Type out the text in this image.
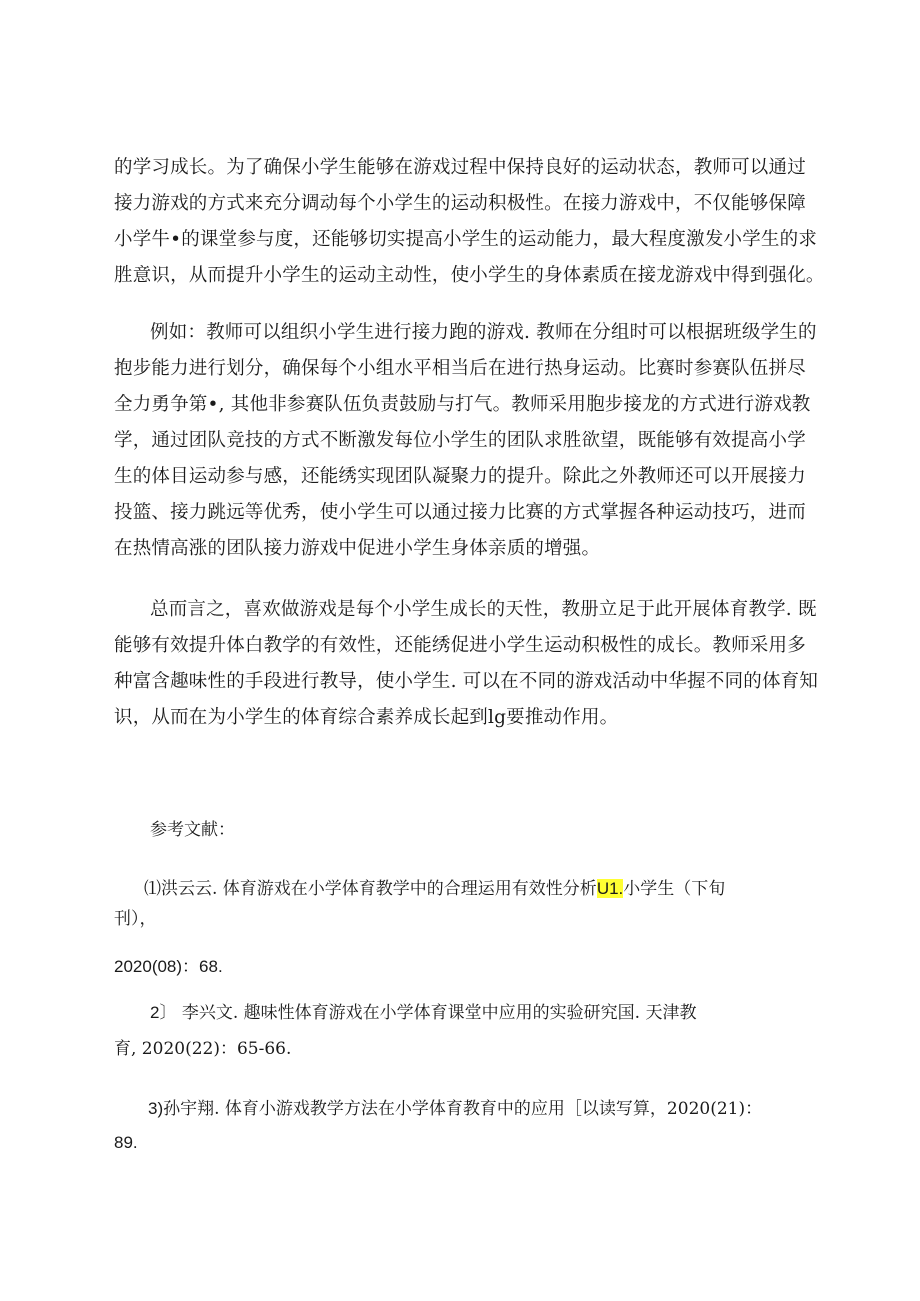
的学习成长。为了确保小学生能够在游戏过程中保持良好的运动状态，教师可以通过
接力游戏的方式来充分调动每个小学生的运动积极性。在接力游戏中，不仅能够保障
小学牛•的课堂参与度，还能够切实提高小学生的运动能力，最大程度激发小学生的求
胜意识，从而提升小学生的运动主动性，使小学生的身体素质在接龙游戏中得到强化。
例如：教师可以组织小学生进行接力跑的游戏. 教师在分组时可以根据班级学生的
抱步能力进行划分，确保每个小组水平相当后在进行热身运动。比赛时参赛队伍拼尽
全力勇争第•, 其他非参赛队伍负责鼓励与打气。教师采用胞步接龙的方式进行游戏教
学，通过团队竞技的方式不断激发每位小学生的团队求胜欲望，既能够有效提高小学
生的体目运动参与感，还能绣实现团队凝聚力的提升。除此之外教师还可以开展接力
投篮、接力跳远等优秀，使小学生可以通过接力比赛的方式掌握各种运动技巧，进而
在热情高涨的团队接力游戏中促进小学生身体亲质的增强。
总而言之，喜欢做游戏是每个小学生成长的天性，教册立足于此开展体育教学. 既
能够有效提升体白教学的有效性，还能绣促进小学生运动积极性的成长。教师采用多
种富含趣味性的手段进行教导，使小学生. 可以在不同的游戏活动中华握不同的体育知
识，从而在为小学生的体育综合素养成长起到lg要推动作用。
参考文献：
⑴洪云云. 体育游戏在小学体育教学中的合理运用有效性分析U1.小学生（下旬
刊），
2020(08)：68.
2〕 李兴文. 趣味性体育游戏在小学体育课堂中应用的实验研究国. 天津教
育, 2020(22)：65-66.
3)孙宇翔. 体育小游戏教学方法在小学体育教育中的应用［以读写算，2020(21)：
89.
